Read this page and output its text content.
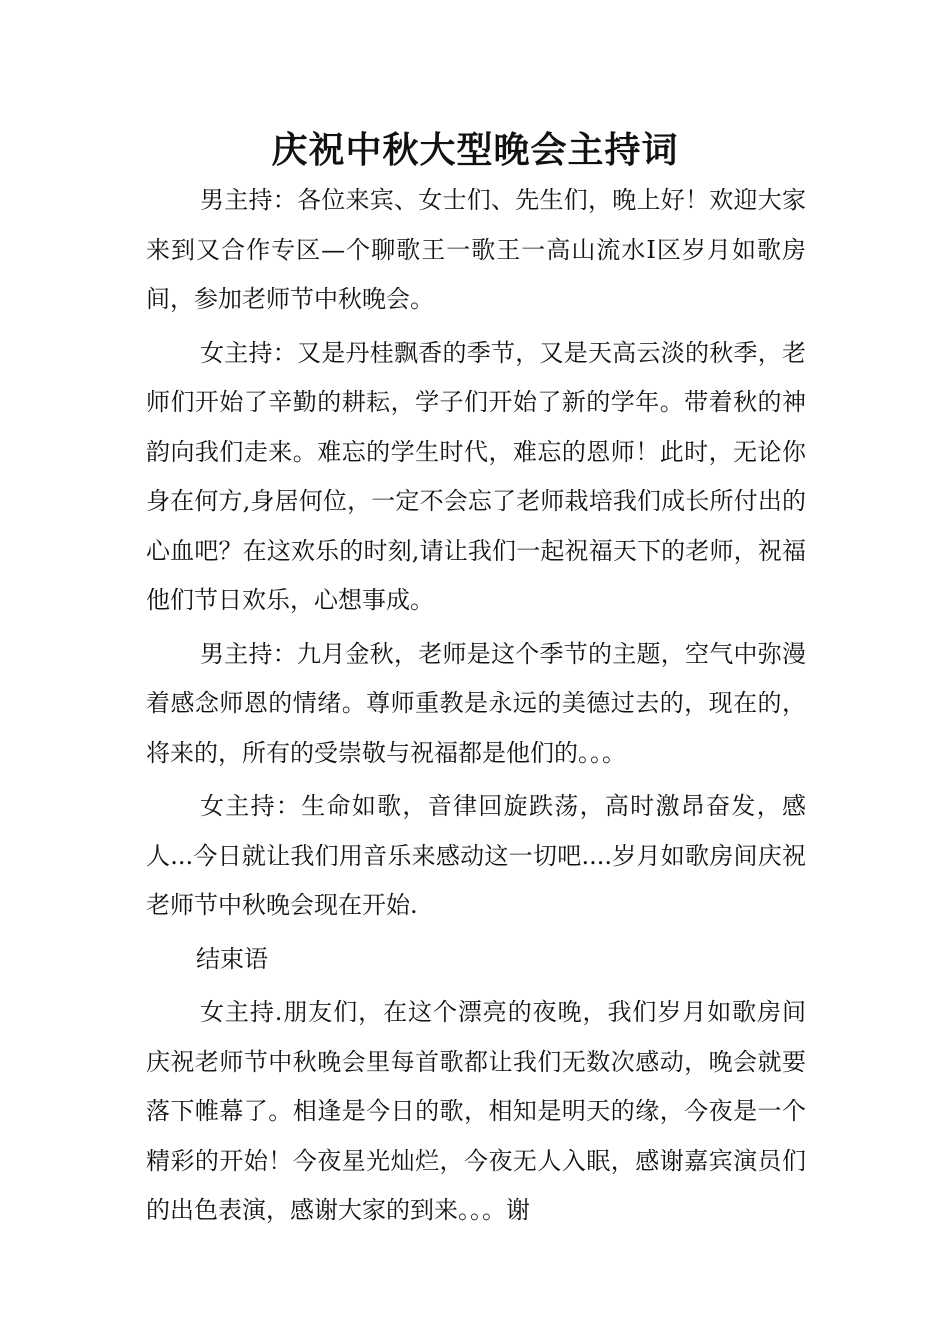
庆祝中秋大型晚会主持词

男主持：各位来宾、女士们、先生们，晚上好！欢迎大家来到又合作专区—个聊歌王一歌王一高山流水Ⅰ区岁月如歌房间，参加老师节中秋晚会。

女主持：又是丹桂飘香的季节，又是天高云淡的秋季，老师们开始了辛勤的耕耘，学子们开始了新的学年。带着秋的神韵向我们走来。难忘的学生时代，难忘的恩师！此时，无论你身在何方,身居何位，一定不会忘了老师栽培我们成长所付出的心血吧？在这欢乐的时刻,请让我们一起祝福天下的老师，祝福他们节日欢乐，心想事成。

男主持：九月金秋，老师是这个季节的主题，空气中弥漫着感念师恩的情绪。尊师重教是永远的美德过去的，现在的，将来的，所有的受崇敬与祝福都是他们的。。。

女主持：生命如歌，音律回旋跌荡，高时激昂奋发，感人...今日就让我们用音乐来感动这一切吧....岁月如歌房间庆祝老师节中秋晚会现在开始.

结束语

女主持.朋友们，在这个漂亮的夜晚，我们岁月如歌房间庆祝老师节中秋晚会里每首歌都让我们无数次感动，晚会就要落下帷幕了。相逢是今日的歌，相知是明天的缘，今夜是一个精彩的开始！今夜星光灿烂，今夜无人入眠，感谢嘉宾演员们的出色表演，感谢大家的到来。。。谢
